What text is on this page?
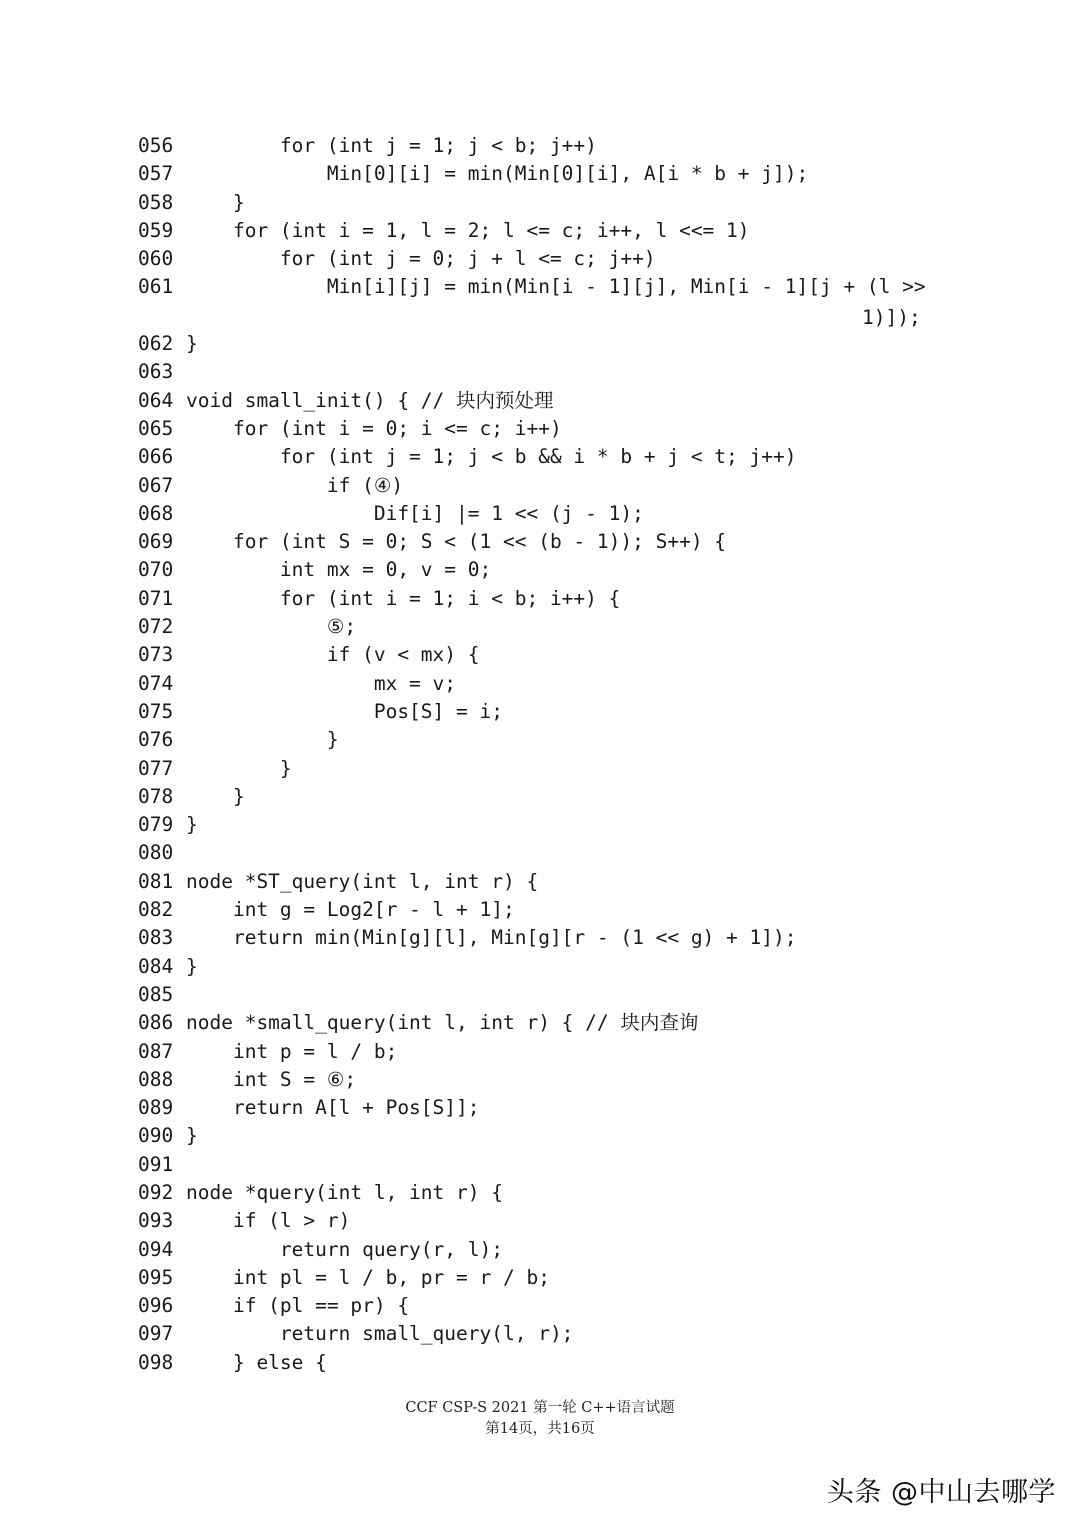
056        for (int j = 1; j < b; j++)
057            Min[0][i] = min(Min[0][i], A[i * b + j]);
058    }
059    for (int i = 1, l = 2; l <= c; i++, l <<= 1)
060        for (int j = 0; j + l <= c; j++)
061            Min[i][j] = min(Min[i - 1][j], Min[i - 1][j + (l >>
062 }
063
064 void small_init() { // 块内预处理
065    for (int i = 0; i <= c; i++)
066        for (int j = 1; j < b && i * b + j < t; j++)
067            if (④)
068                Dif[i] |= 1 << (j - 1);
069    for (int S = 0; S < (1 << (b - 1)); S++) {
070        int mx = 0, v = 0;
071        for (int i = 1; i < b; i++) {
072            ⑤;
073            if (v < mx) {
074                mx = v;
075                Pos[S] = i;
076            }
077        }
078    }
079 }
080
081 node *ST_query(int l, int r) {
082    int g = Log2[r - l + 1];
083    return min(Min[g][l], Min[g][r - (1 << g) + 1]);
084 }
085
086 node *small_query(int l, int r) { // 块内查询
087    int p = l / b;
088    int S = ⑥;
089    return A[l + Pos[S]];
090 }
091
092 node *query(int l, int r) {
093    if (l > r)
094        return query(r, l);
095    int pl = l / b, pr = r / b;
096    if (pl == pr) {
097        return small_query(l, r);
098    } else {
1)]);
CCF CSP-S 2021 第一轮 C++语言试题
第14页，共16页
头条 @中山去哪学
